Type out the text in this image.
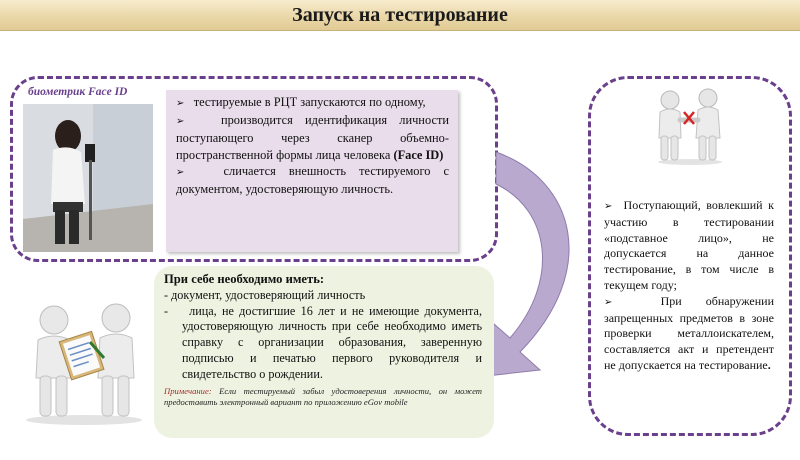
Запуск на тестирование
биометрик Face ID

➢ тестируемые в РЦТ запускаются по одному,

➢	производится идентификация личности поступающего через сканер объемно-пространственной формы лица человека (Face ID)

➢	сличается внешность тестируемого с документом, удостоверяющую личность.

При себе необходимо иметь:

- документ, удостоверяющий личность

-    лица, не достигшие 16 лет и не имеющие документа, удостоверяющую личность при себе необходимо иметь справку с организации образования, заверенную подписью и печатью первого руководителя и свидетельство о рождении.

Примечание: Если тестируемый забыл удостоверения личности, он может предоставить электронный вариант по приложению eGov mobile

➢ Поступающий, вовлекший к участию в тестировании «подставное лицо», не допускается на данное тестирование, в том числе в текущем году;

➢	При обнаружении запрещенных предметов в зоне проверки металлоискателем, составляется акт и претендент не допускается на тестирование.
